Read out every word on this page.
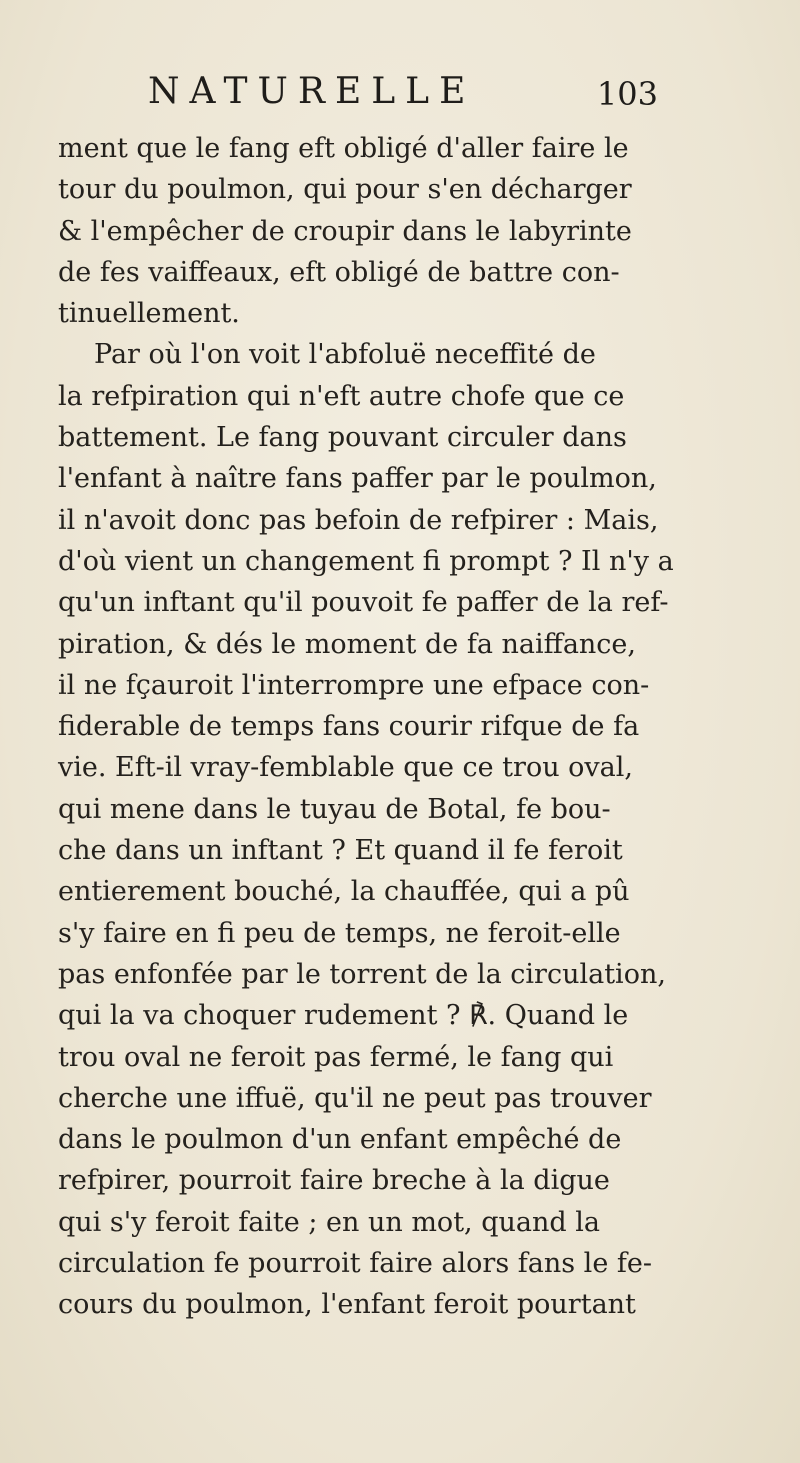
NATURELLE	103
ment que le fang eft obligé d'aller faire le
tour du poulmon, qui pour s'en décharger
& l'empêcher de croupir dans le labyrinte
de fes vaiffeaux, eft obligé de battre con-
tinuellement.
Par où l'on voit l'abfoluë neceffité de
la refpiration qui n'eft autre chofe que ce
battement. Le fang pouvant circuler dans
l'enfant à naître fans paffer par le poulmon,
il n'avoit donc pas befoin de refpirer : Mais,
d'où vient un changement fi prompt ? Il n'y a
qu'un inftant qu'il pouvoit fe paffer de la ref-
piration, & dés le moment de fa naiffance,
il ne fçauroit l'interrompre une efpace con-
fiderable de temps fans courir rifque de fa
vie. Eft-il vray-femblable que ce trou oval,
qui mene dans le tuyau de Botal, fe bou-
che dans un inftant ? Et quand il fe feroit
entierement bouché, la chauffée, qui a pû
s'y faire en fi peu de temps, ne feroit-elle
pas enfonfée par le torrent de la circulation,
qui la va choquer rudement ? ℟. Quand le
trou oval ne feroit pas fermé, le fang qui
cherche une iffuë, qu'il ne peut pas trouver
dans le poulmon d'un enfant empêché de
refpirer, pourroit faire breche à la digue
qui s'y feroit faite ; en un mot, quand la
circulation fe pourroit faire alors fans le fe-
cours du poulmon, l'enfant feroit pourtant
